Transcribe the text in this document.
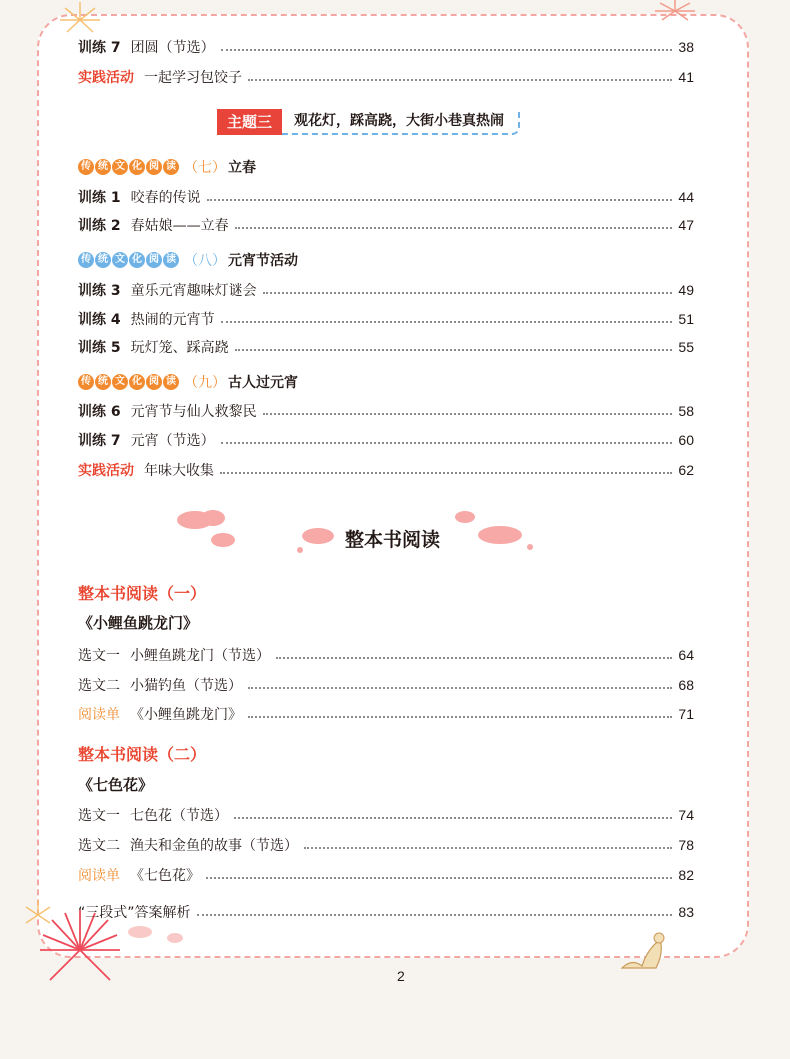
训练 7 团圆（节选）	38
实践活动 一起学习包饺子	41
主题三	观花灯，踩高跷，大街小巷真热闹
传 统 文 化 阅 读 （七） 立春
训练 1 咬春的传说	44
训练 2 春姑娘——立春	47
传 统 文 化 阅 读 （八） 元宵节活动
训练 3 童乐元宵趣味灯谜会	49
训练 4 热闹的元宵节	51
训练 5 玩灯笼、踩高跷	55
传 统 文 化 阅 读 （九） 古人过元宵
训练 6 元宵节与仙人救黎民	58
训练 7 元宵（节选）	60
实践活动 年味大收集	62
整本书阅读
整本书阅读（一）
《小鲤鱼跳龙门》
选文一 小鲤鱼跳龙门（节选）	64
选文二 小猫钓鱼（节选）	68
阅读单 《小鲤鱼跳龙门》	71
整本书阅读（二）
《七色花》
选文一 七色花（节选）	74
选文二 渔夫和金鱼的故事（节选）	78
阅读单 《七色花》	82
“三段式”答案解析	83
2
